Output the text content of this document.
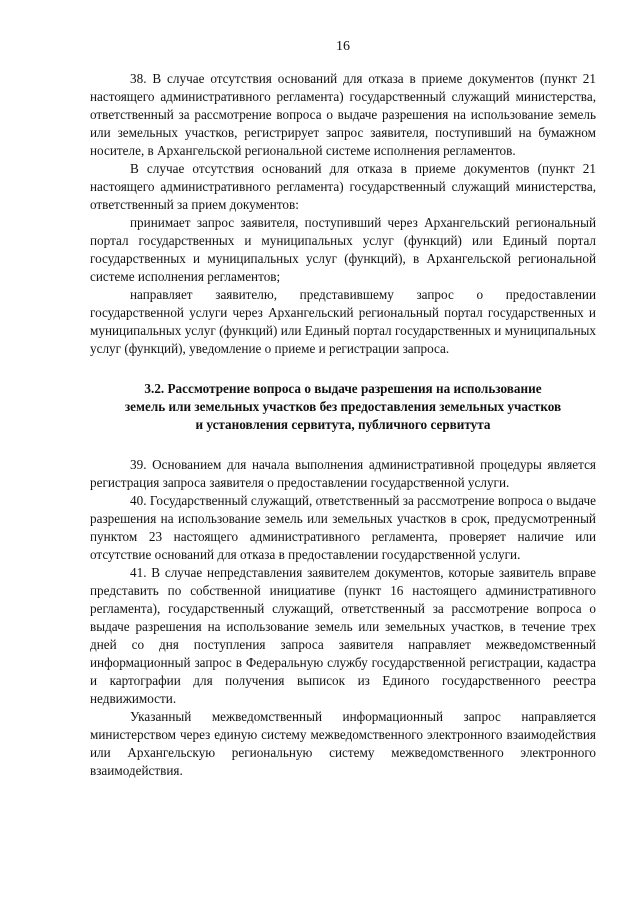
16

38. В случае отсутствия оснований для отказа в приеме документов (пункт 21 настоящего административного регламента) государственный служащий министерства, ответственный за рассмотрение вопроса о выдаче разрешения на использование земель или земельных участков, регистрирует запрос заявителя, поступивший на бумажном носителе, в Архангельской региональной системе исполнения регламентов.

В случае отсутствия оснований для отказа в приеме документов (пункт 21 настоящего административного регламента) государственный служащий министерства, ответственный за прием документов:

принимает запрос заявителя, поступивший через Архангельский региональный портал государственных и муниципальных услуг (функций) или Единый портал государственных и муниципальных услуг (функций), в Архангельской региональной системе исполнения регламентов;

направляет заявителю, представившему запрос о предоставлении государственной услуги через Архангельский региональный портал государственных и муниципальных услуг (функций) или Единый портал государственных и муниципальных услуг (функций), уведомление о приеме и регистрации запроса.

3.2. Рассмотрение вопроса о выдаче разрешения на использование
земель или земельных участков без предоставления земельных участков
и установления сервитута, публичного сервитута

39. Основанием для начала выполнения административной процедуры является регистрация запроса заявителя о предоставлении государственной услуги.

40. Государственный служащий, ответственный за рассмотрение вопроса о выдаче разрешения на использование земель или земельных участков в срок, предусмотренный пунктом 23 настоящего административного регламента, проверяет наличие или отсутствие оснований для отказа в предоставлении государственной услуги.

41. В случае непредставления заявителем документов, которые заявитель вправе представить по собственной инициативе (пункт 16 настоящего административного регламента), государственный служащий, ответственный за рассмотрение вопроса о выдаче разрешения на использование земель или земельных участков, в течение трех дней со дня поступления запроса заявителя направляет межведомственный информационный запрос в Федеральную службу государственной регистрации, кадастра и картографии для получения выписок из Единого государственного реестра недвижимости.

Указанный межведомственный информационный запрос направляется министерством через единую систему межведомственного электронного взаимодействия или Архангельскую региональную систему межведомственного электронного взаимодействия.
